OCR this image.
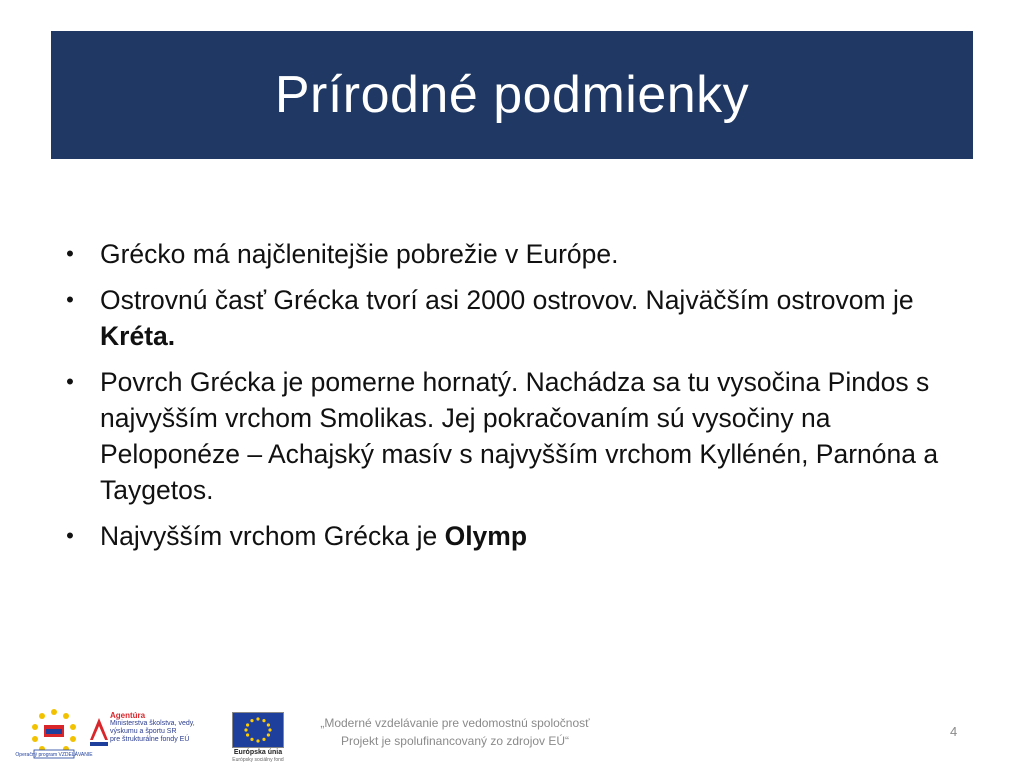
Prírodné podmienky
• Grécko má najčlenitejšie pobrežie v Európe.
• Ostrovnú časť Grécka tvorí asi 2000 ostrovov. Najväčším ostrovom je Kréta.
• Povrch Grécka je pomerne hornatý. Nachádza sa tu vysočina Pindos s najvyšším vrchom Smolikas. Jej pokračovaním sú vysočiny na Peloponéze – Achajský masív s najvyšším vrchom Kyllénén, Parnóna a Taygetos.
• Najvyšším vrchom Grécka je Olymp
Operačný program VZDELÁVANIE
Agentúra
Ministerstva školstva, vedy, výskumu a športu SR
pre štrukturálne fondy EÚ
Európska únia
Európsky sociálny fond
„Moderné vzdelávanie pre vedomostnú spoločnosť
Projekt je spolufinancovaný zo zdrojov EÚ“
4
